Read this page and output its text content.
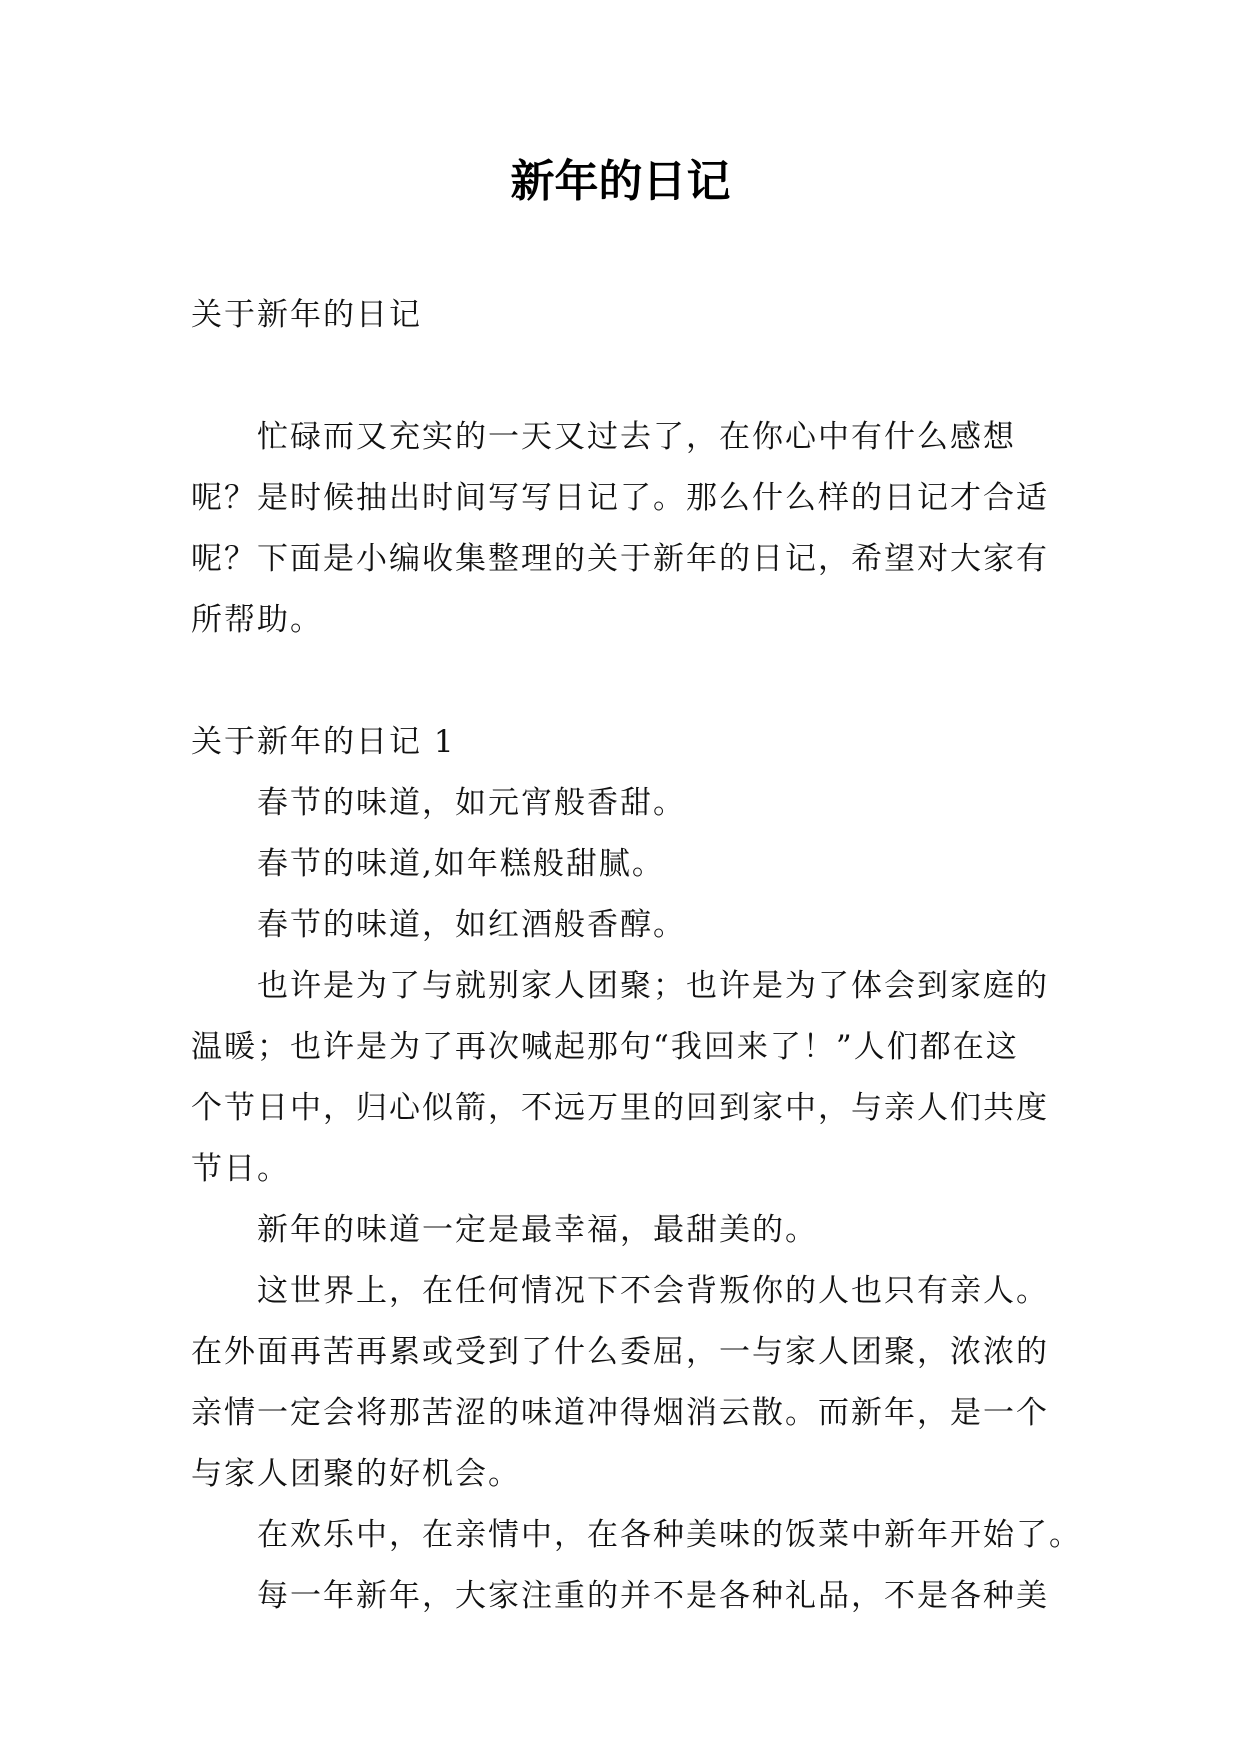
新年的日记
关于新年的日记
忙碌而又充实的一天又过去了，在你心中有什么感想
呢？是时候抽出时间写写日记了。那么什么样的日记才合适
呢？下面是小编收集整理的关于新年的日记，希望对大家有
所帮助。
关于新年的日记 1
春节的味道，如元宵般香甜。
春节的味道,如年糕般甜腻。
春节的味道，如红酒般香醇。
也许是为了与就别家人团聚；也许是为了体会到家庭的
温暖；也许是为了再次喊起那句“我回来了！”人们都在这
个节日中，归心似箭，不远万里的回到家中，与亲人们共度
节日。
新年的味道一定是最幸福，最甜美的。
这世界上，在任何情况下不会背叛你的人也只有亲人。
在外面再苦再累或受到了什么委屈，一与家人团聚，浓浓的
亲情一定会将那苦涩的味道冲得烟消云散。而新年，是一个
与家人团聚的好机会。
在欢乐中，在亲情中，在各种美味的饭菜中新年开始了。
每一年新年，大家注重的并不是各种礼品，不是各种美
